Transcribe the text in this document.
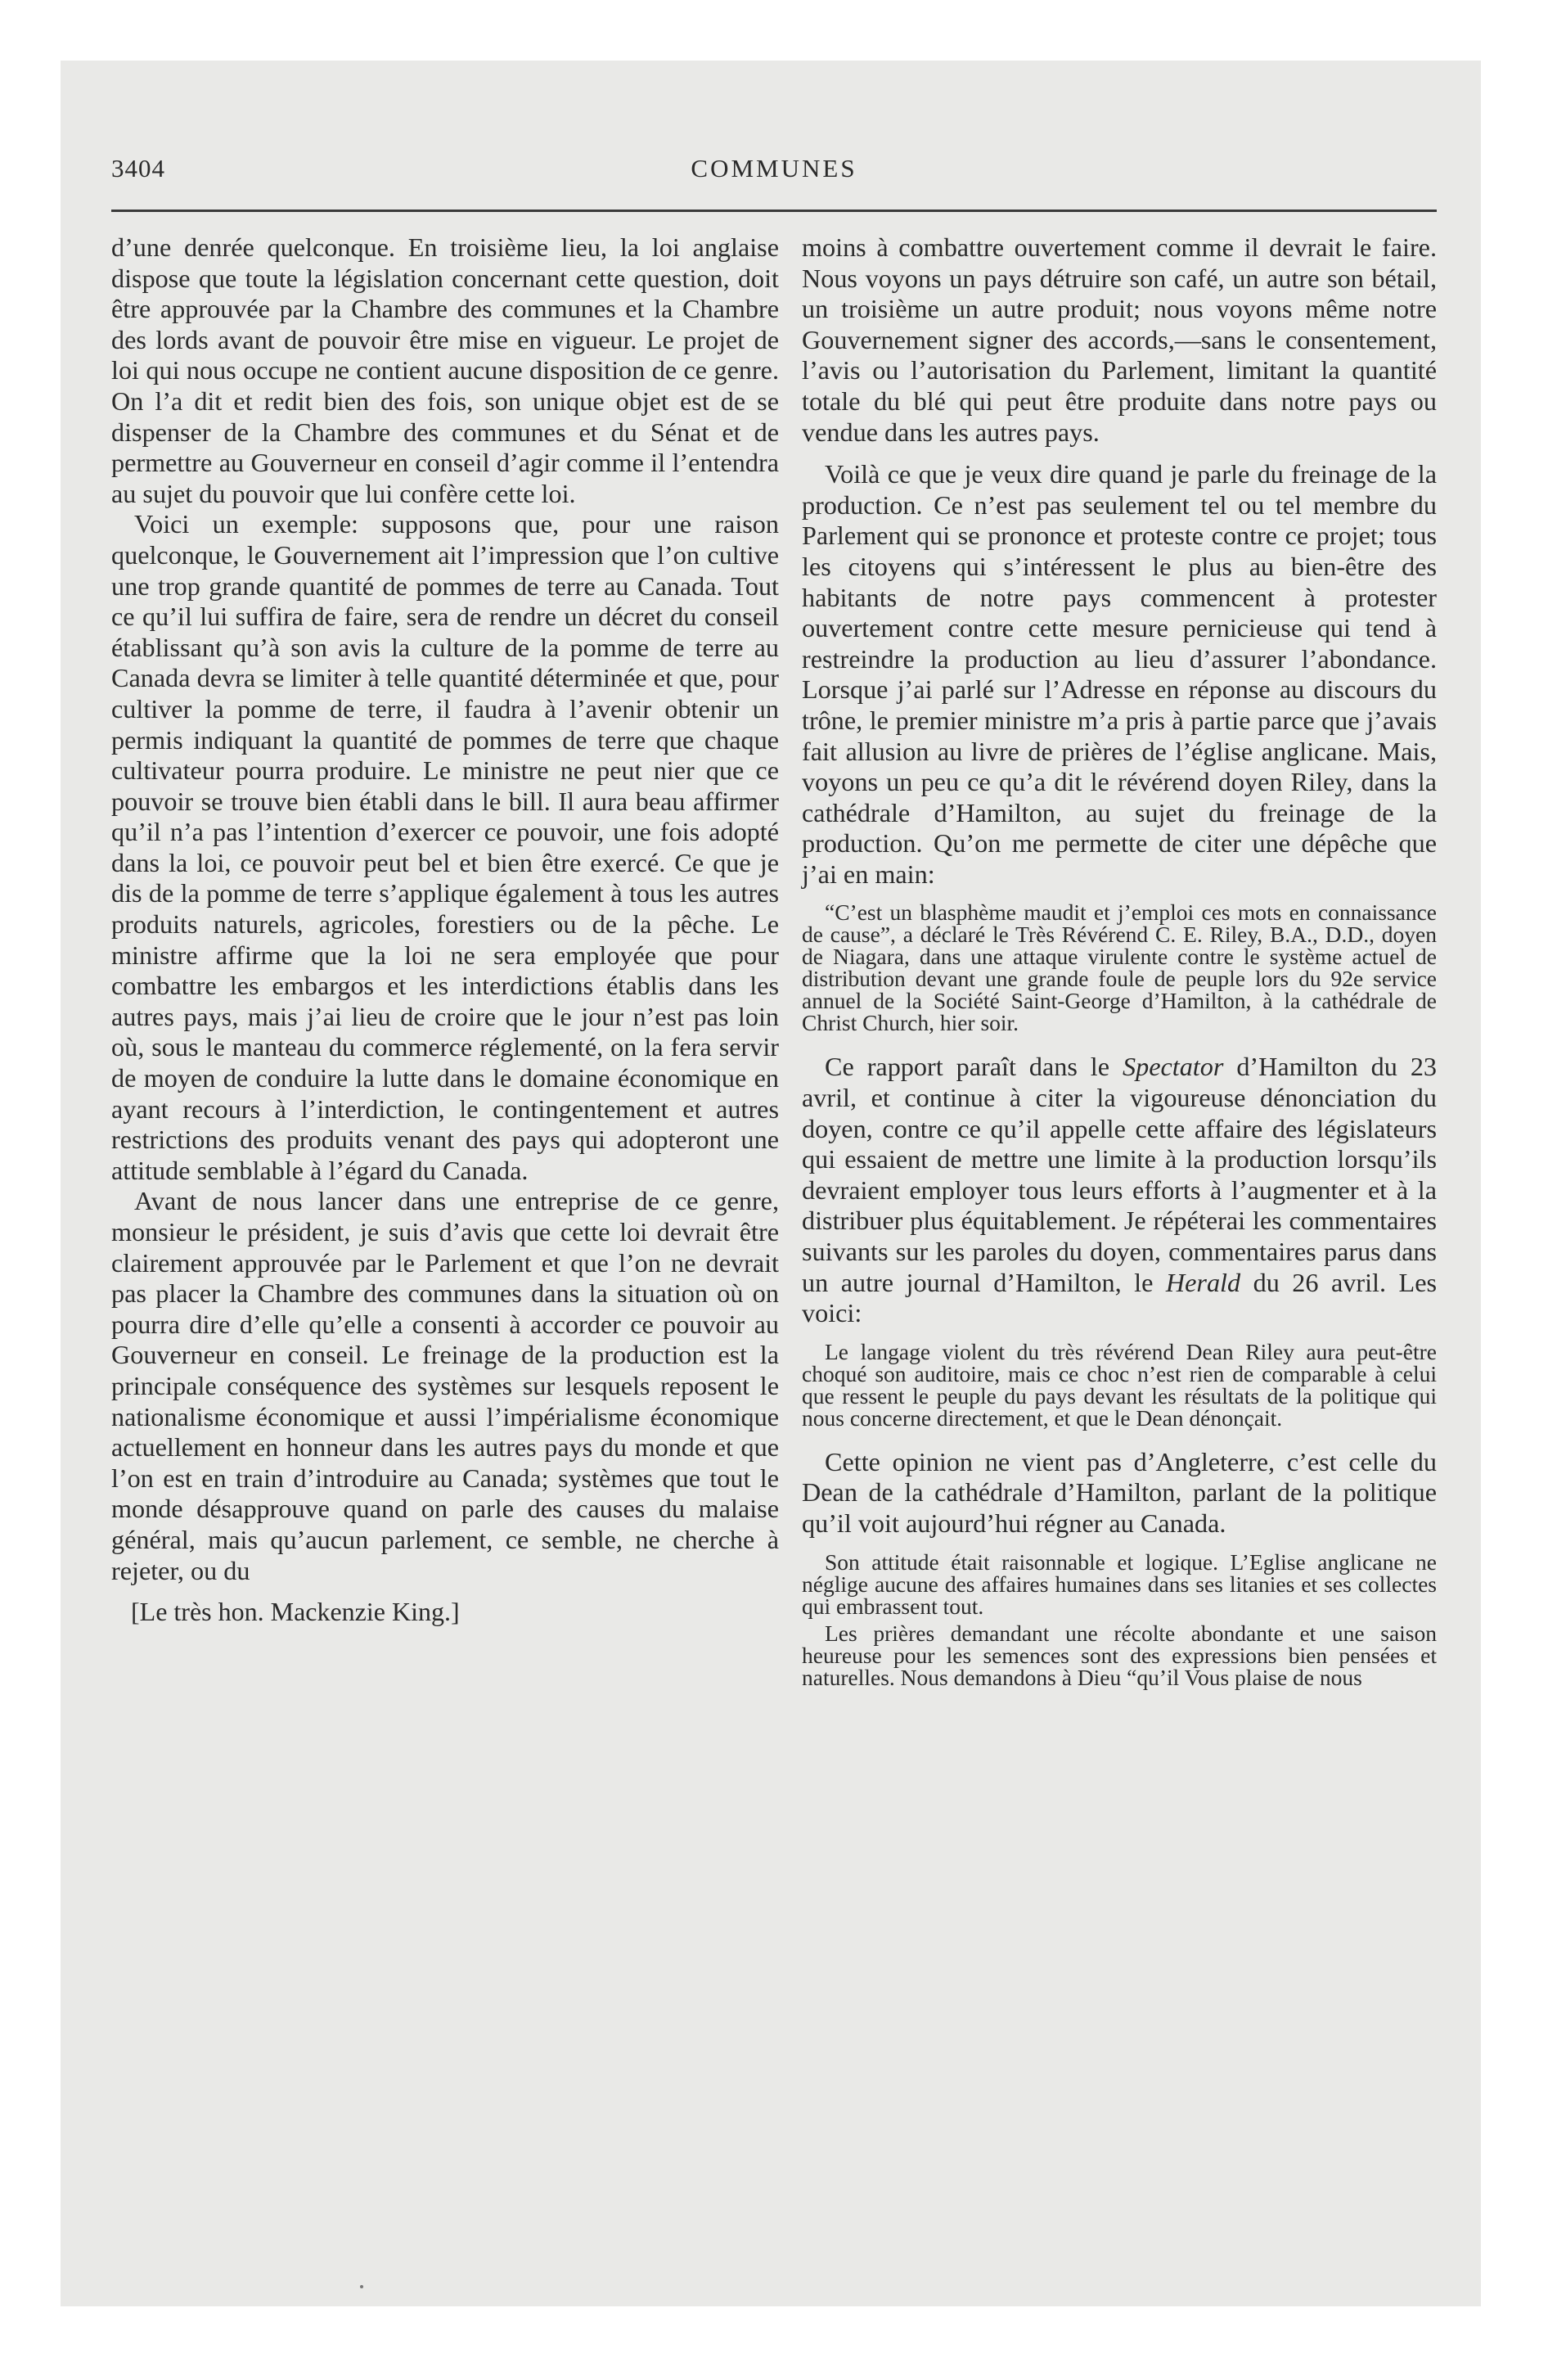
3404	COMMUNES

d’une denrée quelconque. En troisième lieu, la loi anglaise dispose que toute la législation concernant cette question, doit être approuvée par la Chambre des communes et la Chambre des lords avant de pouvoir être mise en vigueur. Le projet de loi qui nous occupe ne contient aucune disposition de ce genre. On l’a dit et redit bien des fois, son unique objet est de se dispenser de la Chambre des communes et du Sénat et de permettre au Gouverneur en conseil d’agir comme il l’entendra au sujet du pouvoir que lui confère cette loi.

Voici un exemple: supposons que, pour une raison quelconque, le Gouvernement ait l’impression que l’on cultive une trop grande quantité de pommes de terre au Canada. Tout ce qu’il lui suffira de faire, sera de rendre un décret du conseil établissant qu’à son avis la culture de la pomme de terre au Canada devra se limiter à telle quantité déterminée et que, pour cultiver la pomme de terre, il faudra à l’avenir obtenir un permis indiquant la quantité de pommes de terre que chaque cultivateur pourra produire. Le ministre ne peut nier que ce pouvoir se trouve bien établi dans le bill. Il aura beau affirmer qu’il n’a pas l’intention d’exercer ce pouvoir, une fois adopté dans la loi, ce pouvoir peut bel et bien être exercé. Ce que je dis de la pomme de terre s’applique également à tous les autres produits naturels, agricoles, forestiers ou de la pêche. Le ministre affirme que la loi ne sera employée que pour combattre les embargos et les interdictions établis dans les autres pays, mais j’ai lieu de croire que le jour n’est pas loin où, sous le manteau du commerce réglementé, on la fera servir de moyen de conduire la lutte dans le domaine économique en ayant recours à l’interdiction, le contingentement et autres restrictions des produits venant des pays qui adopteront une attitude semblable à l’égard du Canada.

Avant de nous lancer dans une entreprise de ce genre, monsieur le président, je suis d’avis que cette loi devrait être clairement approuvée par le Parlement et que l’on ne devrait pas placer la Chambre des communes dans la situation où on pourra dire d’elle qu’elle a consenti à accorder ce pouvoir au Gouverneur en conseil. Le freinage de la production est la principale conséquence des systèmes sur lesquels reposent le nationalisme économique et aussi l’impérialisme économique actuellement en honneur dans les autres pays du monde et que l’on est en train d’introduire au Canada; systèmes que tout le monde désapprouve quand on parle des causes du malaise général, mais qu’aucun parlement, ce semble, ne cherche à rejeter, ou du

[Le très hon. Mackenzie King.]

moins à combattre ouvertement comme il devrait le faire. Nous voyons un pays détruire son café, un autre son bétail, un troisième un autre produit; nous voyons même notre Gouvernement signer des accords,—sans le consentement, l’avis ou l’autorisation du Parlement, limitant la quantité totale du blé qui peut être produite dans notre pays ou vendue dans les autres pays.

Voilà ce que je veux dire quand je parle du freinage de la production. Ce n’est pas seulement tel ou tel membre du Parlement qui se prononce et proteste contre ce projet; tous les citoyens qui s’intéressent le plus au bien-être des habitants de notre pays commencent à protester ouvertement contre cette mesure pernicieuse qui tend à restreindre la production au lieu d’assurer l’abondance. Lorsque j’ai parlé sur l’Adresse en réponse au discours du trône, le premier ministre m’a pris à partie parce que j’avais fait allusion au livre de prières de l’église anglicane. Mais, voyons un peu ce qu’a dit le révérend doyen Riley, dans la cathédrale d’Hamilton, au sujet du freinage de la production. Qu’on me permette de citer une dépêche que j’ai en main:

“C’est un blasphème maudit et j’emploi ces mots en connaissance de cause”, a déclaré le Très Révérend C. E. Riley, B.A., D.D., doyen de Niagara, dans une attaque virulente contre le système actuel de distribution devant une grande foule de peuple lors du 92e service annuel de la Société Saint-George d’Hamilton, à la cathédrale de Christ Church, hier soir.

Ce rapport paraît dans le Spectator d’Hamilton du 23 avril, et continue à citer la vigoureuse dénonciation du doyen, contre ce qu’il appelle cette affaire des législateurs qui essaient de mettre une limite à la production lorsqu’ils devraient employer tous leurs efforts à l’augmenter et à la distribuer plus équitablement. Je répéterai les commentaires suivants sur les paroles du doyen, commentaires parus dans un autre journal d’Hamilton, le Herald du 26 avril. Les voici:

Le langage violent du très révérend Dean Riley aura peut-être choqué son auditoire, mais ce choc n’est rien de comparable à celui que ressent le peuple du pays devant les résultats de la politique qui nous concerne directement, et que le Dean dénonçait.

Cette opinion ne vient pas d’Angleterre, c’est celle du Dean de la cathédrale d’Hamilton, parlant de la politique qu’il voit aujourd’hui régner au Canada.

Son attitude était raisonnable et logique. L’Eglise anglicane ne néglige aucune des affaires humaines dans ses litanies et ses collectes qui embrassent tout.

Les prières demandant une récolte abondante et une saison heureuse pour les semences sont des expressions bien pensées et naturelles. Nous demandons à Dieu “qu’il Vous plaise de nous
